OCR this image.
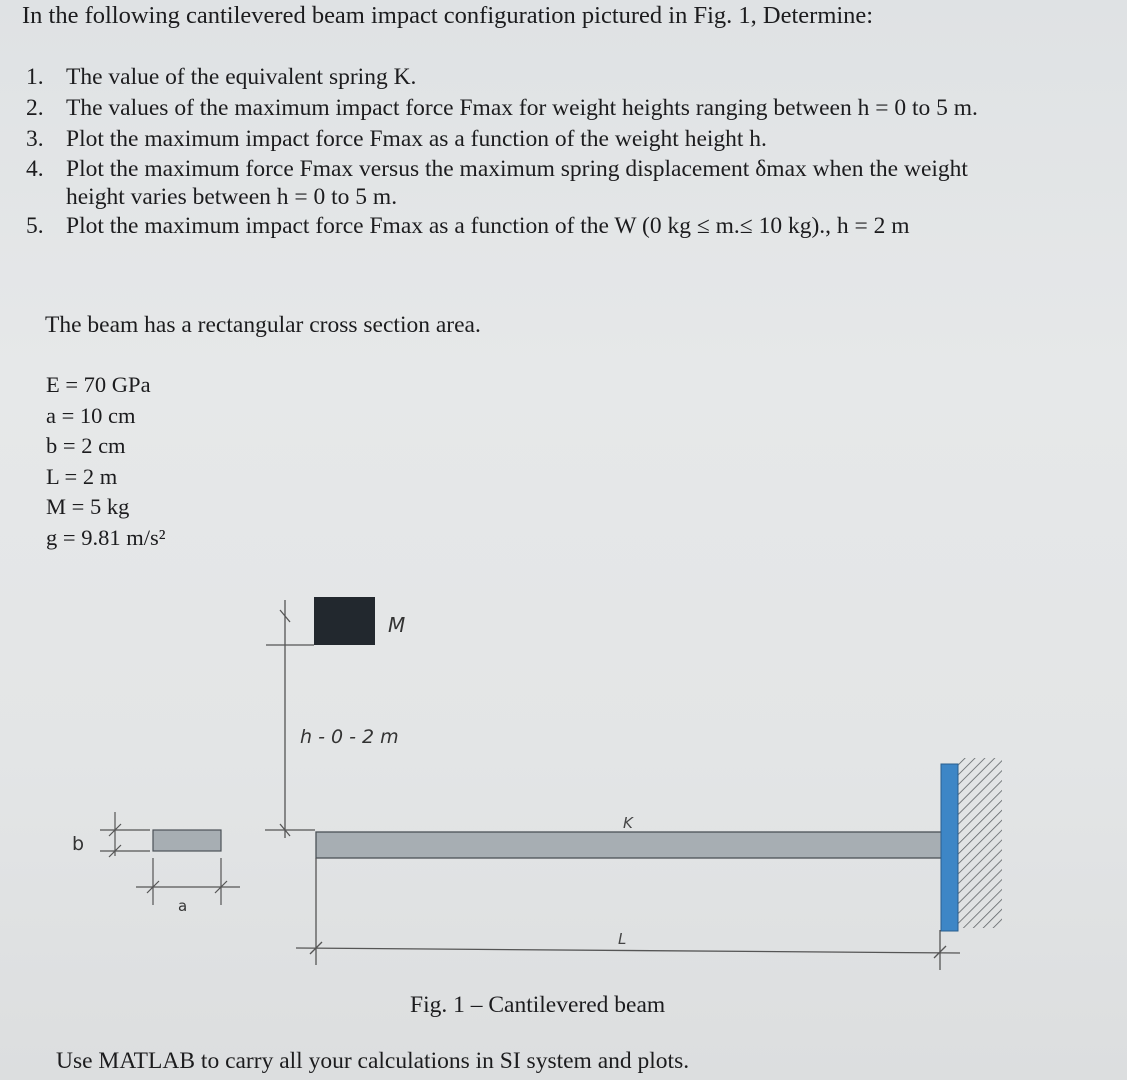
In the following cantilevered beam impact configuration pictured in Fig. 1, Determine:
1. The value of the equivalent spring K.
2. The values of the maximum impact force Fmax for weight heights ranging between h = 0 to 5 m.
3. Plot the maximum impact force Fmax as a function of the weight height h.
4. Plot the maximum force Fmax versus the maximum spring displacement δmax when the weight
height varies between h = 0 to 5 m.
5. Plot the maximum impact force Fmax as a function of the W (0 kg ≤ m.≤ 10 kg)., h = 2 m
The beam has a rectangular cross section area.
E = 70 GPa
a = 10 cm
b = 2 cm
L = 2 m
M = 5 kg
g = 9.81 m/s²
M
h - 0 - 2 m
K
L
b
a
Fig. 1 – Cantilevered beam
Use MATLAB to carry all your calculations in SI system and plots.
